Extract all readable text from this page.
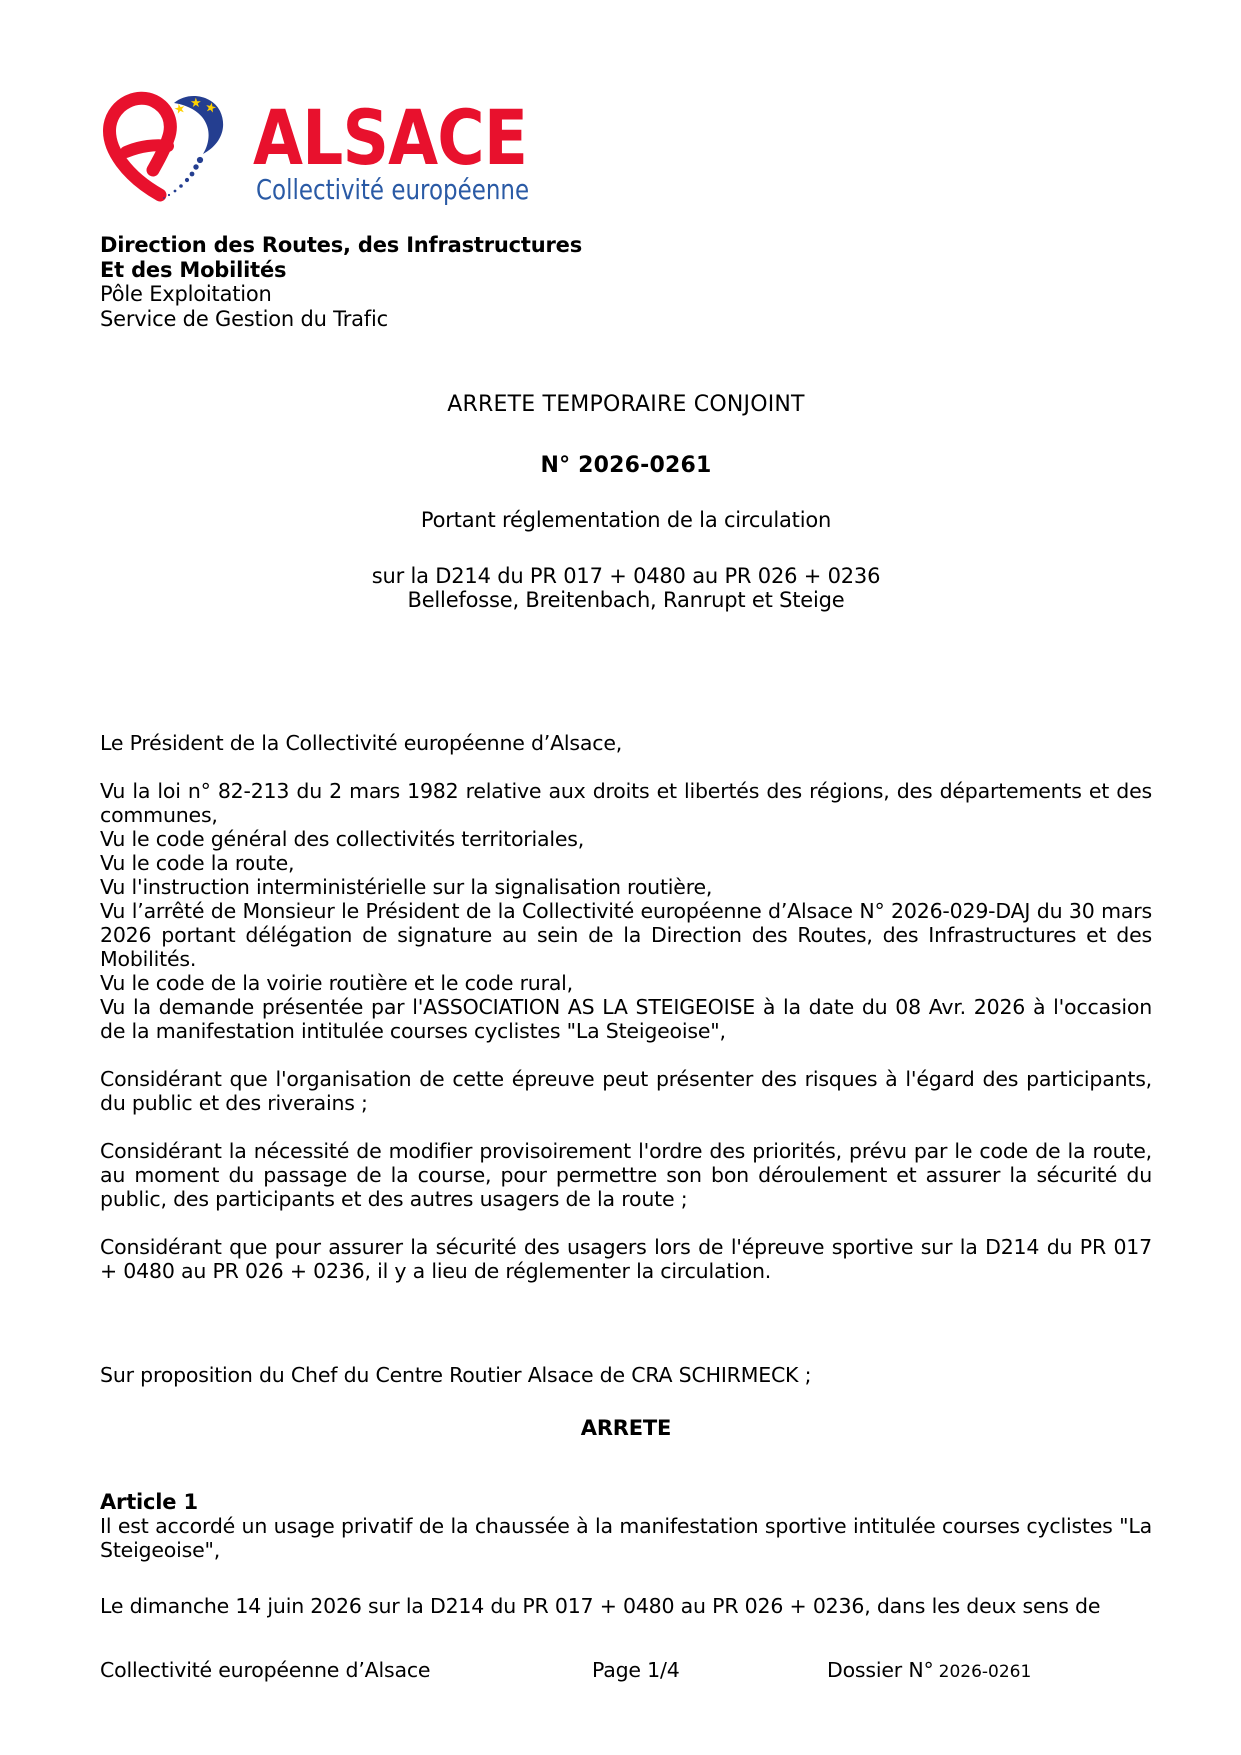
★ ★ ★ ALSACE
Collectivité européenne
Direction des Routes, des Infrastructures
Et des Mobilités
Pôle Exploitation
Service de Gestion du Trafic
ARRETE TEMPORAIRE CONJOINT
N° 2026-0261
Portant réglementation de la circulation
sur la D214 du PR 017 + 0480 au PR 026 + 0236
Bellefosse, Breitenbach, Ranrupt et Steige
Le Président de la Collectivité européenne d’Alsace,
Vu la loi n° 82-213 du 2 mars 1982 relative aux droits et libertés des régions, des départements et des communes,
Vu le code général des collectivités territoriales,
Vu le code la route,
Vu l'instruction interministérielle sur la signalisation routière,
Vu l’arrêté de Monsieur le Président de la Collectivité européenne d’Alsace N° 2026-029-DAJ du 30 mars 2026 portant délégation de signature au sein de la Direction des Routes, des Infrastructures et des Mobilités.
Vu le code de la voirie routière et le code rural,
Vu la demande présentée par l'ASSOCIATION AS LA STEIGEOISE à la date du 08 Avr. 2026 à l'occasion de la manifestation intitulée courses cyclistes "La Steigeoise",
Considérant que l'organisation de cette épreuve peut présenter des risques à l'égard des participants, du public et des riverains ;
Considérant la nécessité de modifier provisoirement l'ordre des priorités, prévu par le code de la route, au moment du passage de la course, pour permettre son bon déroulement et assurer la sécurité du public, des participants et des autres usagers de la route ;
Considérant que pour assurer la sécurité des usagers lors de l'épreuve sportive sur la D214 du PR 017 + 0480 au PR 026 + 0236, il y a lieu de réglementer la circulation.
Sur proposition du Chef du Centre Routier Alsace de CRA SCHIRMECK ;
ARRETE
Article 1
Il est accordé un usage privatif de la chaussée à la manifestation sportive intitulée courses cyclistes "La Steigeoise",
Le dimanche 14 juin 2026 sur la D214 du PR 017 + 0480 au PR 026 + 0236, dans les deux sens de
Collectivité européenne d’Alsace	Page 1/4	Dossier N° 2026-0261
